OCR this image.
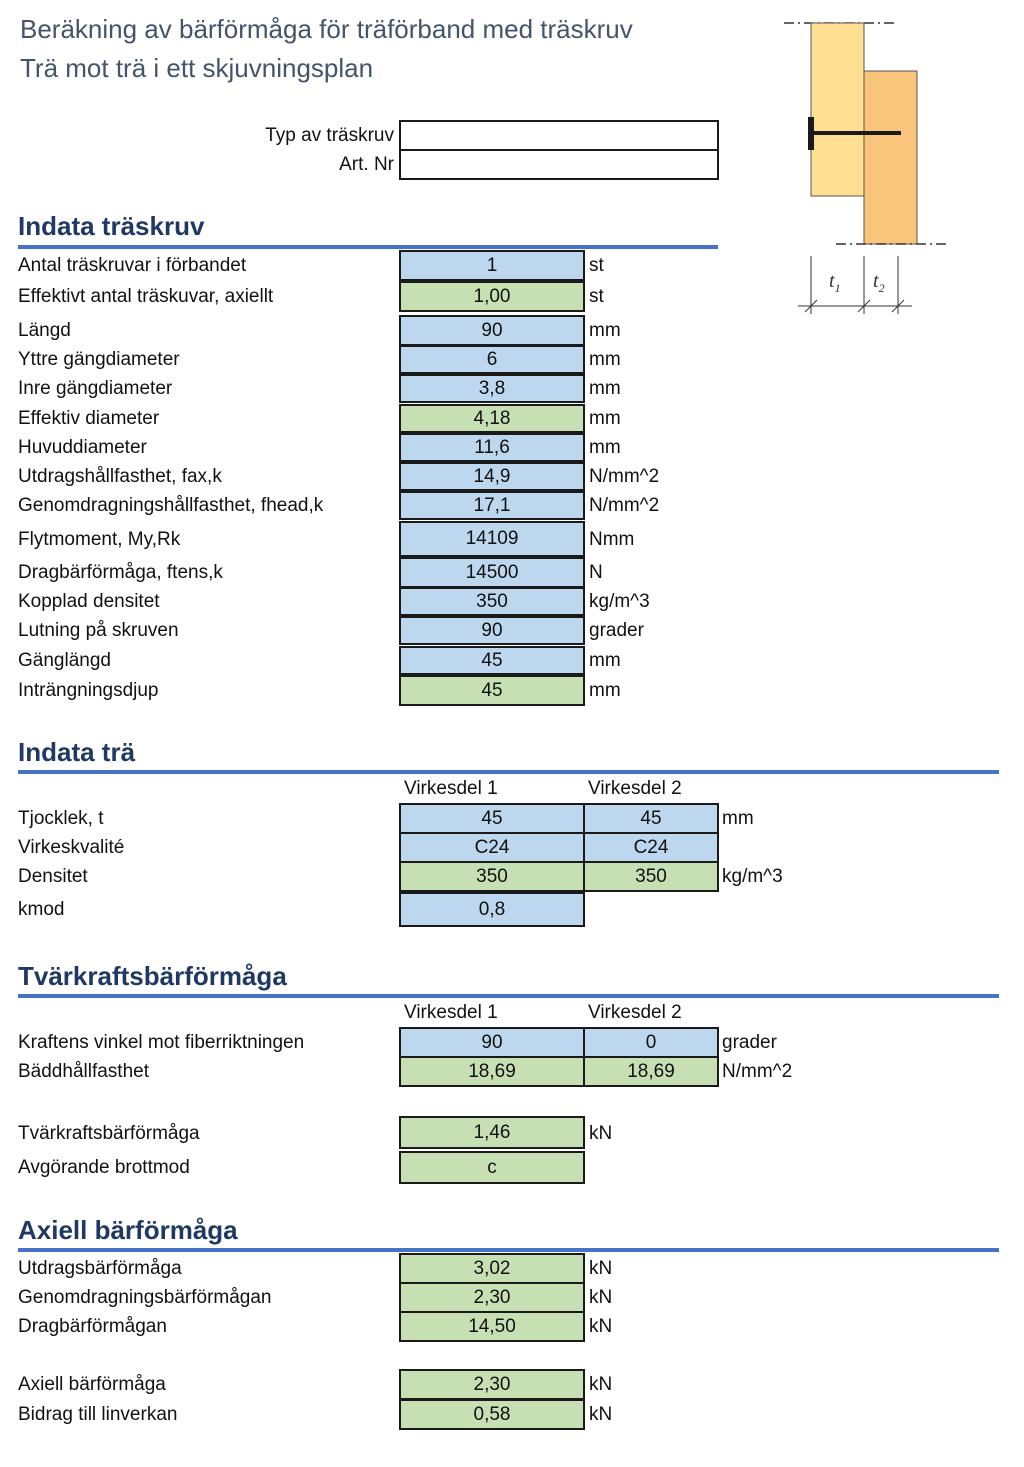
Beräkning av bärförmåga för träförband med träskruv
Trä mot trä i ett skjuvningsplan
Typ av träskruv
Art. Nr
$t_1$ $t_2$
Indata träskruv
Antal träskruvar i förbandet	1	st
Effektivt antal träskuvar, axiellt	1,00	st
Längd	90	mm
Yttre gängdiameter	6	mm
Inre gängdiameter	3,8	mm
Effektiv diameter	4,18	mm
Huvuddiameter	11,6	mm
Utdragshållfasthet, fax,k	14,9	N/mm^2
Genomdragningshållfasthet, fhead,k	17,1	N/mm^2
Flytmoment, My,Rk	14109	Nmm
Dragbärförmåga, ftens,k	14500	N
Kopplad densitet	350	kg/m^3
Lutning på skruven	90	grader
Gänglängd	45	mm
Inträngningsdjup	45	mm
Indata trä
Virkesdel 1	Virkesdel 2
Tjocklek, t	45	45	mm
Virkeskvalité	C24	C24
Densitet	350	350	kg/m^3
kmod	0,8
Tvärkraftsbärförmåga
Virkesdel 1	Virkesdel 2
Kraftens vinkel mot fiberriktningen	90	0	grader
Bäddhållfasthet	18,69	18,69	N/mm^2
Tvärkraftsbärförmåga	1,46	kN
Avgörande brottmod	c
Axiell bärförmåga
Utdragsbärförmåga	3,02	kN
Genomdragningsbärförmågan	2,30	kN
Dragbärförmågan	14,50	kN
Axiell bärförmåga	2,30	kN
Bidrag till linverkan	0,58	kN
